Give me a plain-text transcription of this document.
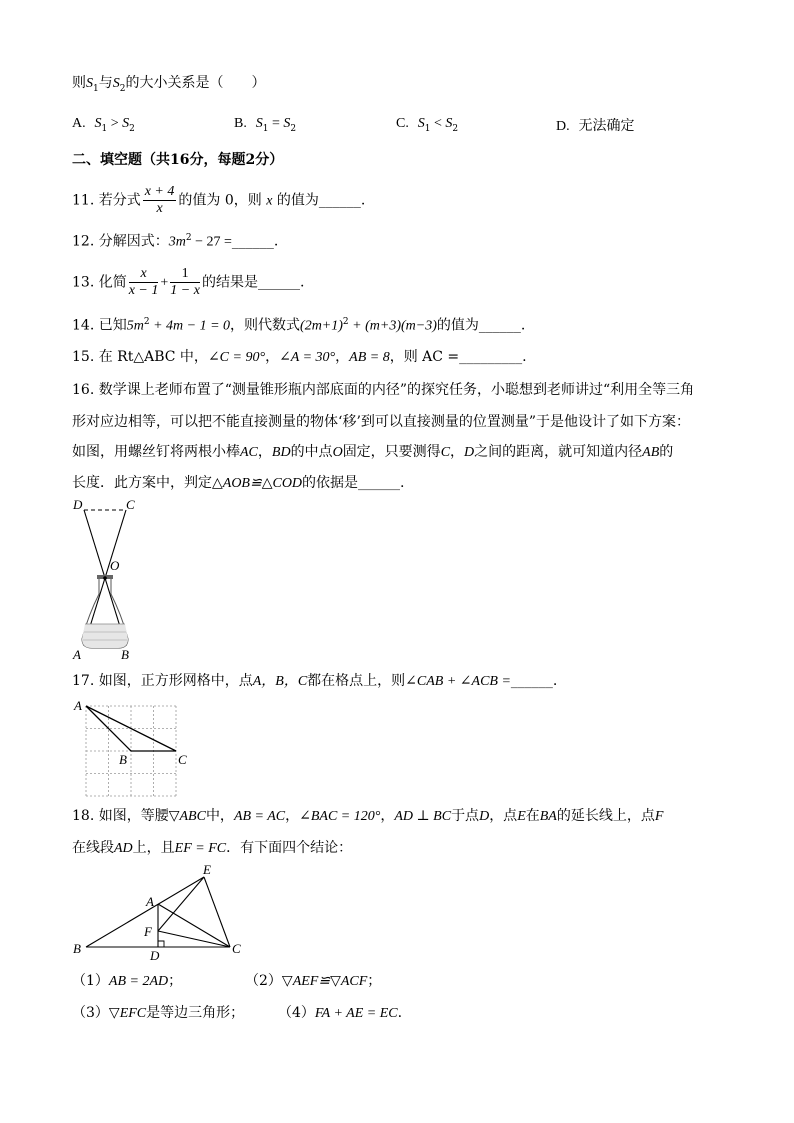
则$S_1$与$S_2$的大小关系是（　　）
A. $S_1 > S_2$	B. $S_1 = S_2$	C. $S_1 < S_2$	D. 无法确定
二、填空题（共16分，每题2分）
11. 若分式 $\frac{x + 4}{x}$ 的值为 0，则 x 的值为______.
12. 分解因式：$3m^2 - 27$ =______.
13. 化简 $\frac{x}{x - 1} + \frac{1}{1 - x}$ 的结果是______.
14. 已知$5m^2 + 4m - 1 = 0$，则代数式$(2m+1)^2 + (m+3)(m-3)$的值为______.
15. 在 Rt△ABC 中，∠C = 90°，∠A = 30°，AB = 8，则 AC =_________.
16. 数学课上老师布置了“测量锥形瓶内部底面的内径”的探究任务，小聪想到老师讲过“利用全等三角
形对应边相等，可以把不能直接测量的物体‘移’到可以直接测量的位置测量”于是他设计了如下方案：
如图，用螺丝钉将两根小棒AC，BD的中点O固定，只要测得C，D之间的距离，就可知道内径AB的
长度．此方案中，判定△AOB≌△COD的依据是______.
D	C
O
A	B
17. 如图，正方形网格中，点A，B，C都在格点上，则∠CAB + ∠ACB =______.
A
B	C
18. 如图，等腰▽ABC中，AB = AC，∠BAC = 120°，AD ⊥ BC于点D，点E在BA的延长线上，点F
在线段AD上，且EF = FC．有下面四个结论：
E
A
F
B	D	C
（1）AB = 2AD；	（2）▽AEF≌▽ACF；
（3）▽EFC是等边三角形； （4）FA + AE = EC.
